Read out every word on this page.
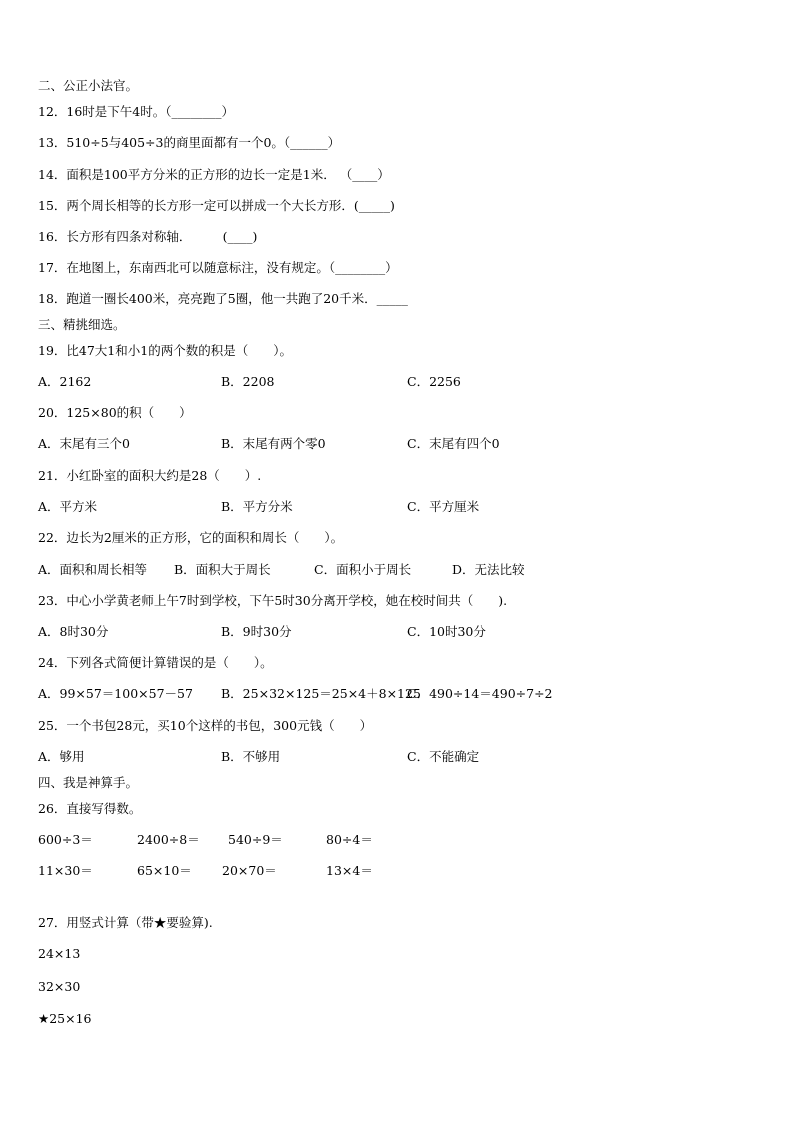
二、公正小法官。
12．16时是下午4时。（________）
13．510÷5与405÷3的商里面都有一个0。（______）
14．面积是100平方分米的正方形的边长一定是1米． （____）
15．两个周长相等的长方形一定可以拼成一个大长方形．(_____)
16．长方形有四条对称轴．　　　(____)
17．在地图上，东南西北可以随意标注，没有规定。（________）
18．跑道一圈长400米，亮亮跑了5圈，他一共跑了20千米．_____
三、精挑细选。
19．比47大1和小1的两个数的积是（　　）。
A．2162	B．2208	C．2256
20．125×80的积（　　）
A．末尾有三个0	B．末尾有两个零0	C．末尾有四个0
21．小红卧室的面积大约是28（　　）.
A．平方米	B．平方分米	C．平方厘米
22．边长为2厘米的正方形，它的面积和周长（　　）。
A．面积和周长相等 B．面积大于周长	C．面积小于周长	D．无法比较
23．中心小学黄老师上午7时到学校，下午5时30分离开学校，她在校时间共（　　).
A．8时30分	B．9时30分	C．10时30分
24．下列各式简便计算错误的是（　　）。
A．99×57＝100×57－57 B．25×32×125＝25×4＋8×125
C．490÷14＝490÷7÷2
25．一个书包28元，买10个这样的书包，300元钱（　　）
A．够用	B．不够用	C．不能确定
四、我是神算手。
26．直接写得数。
600÷3＝	2400÷8＝ 540÷9＝	80÷4＝
11×30＝	65×10＝ 20×70＝	13×4＝
27．用竖式计算（带★要验算).
24×13
32×30
★25×16
